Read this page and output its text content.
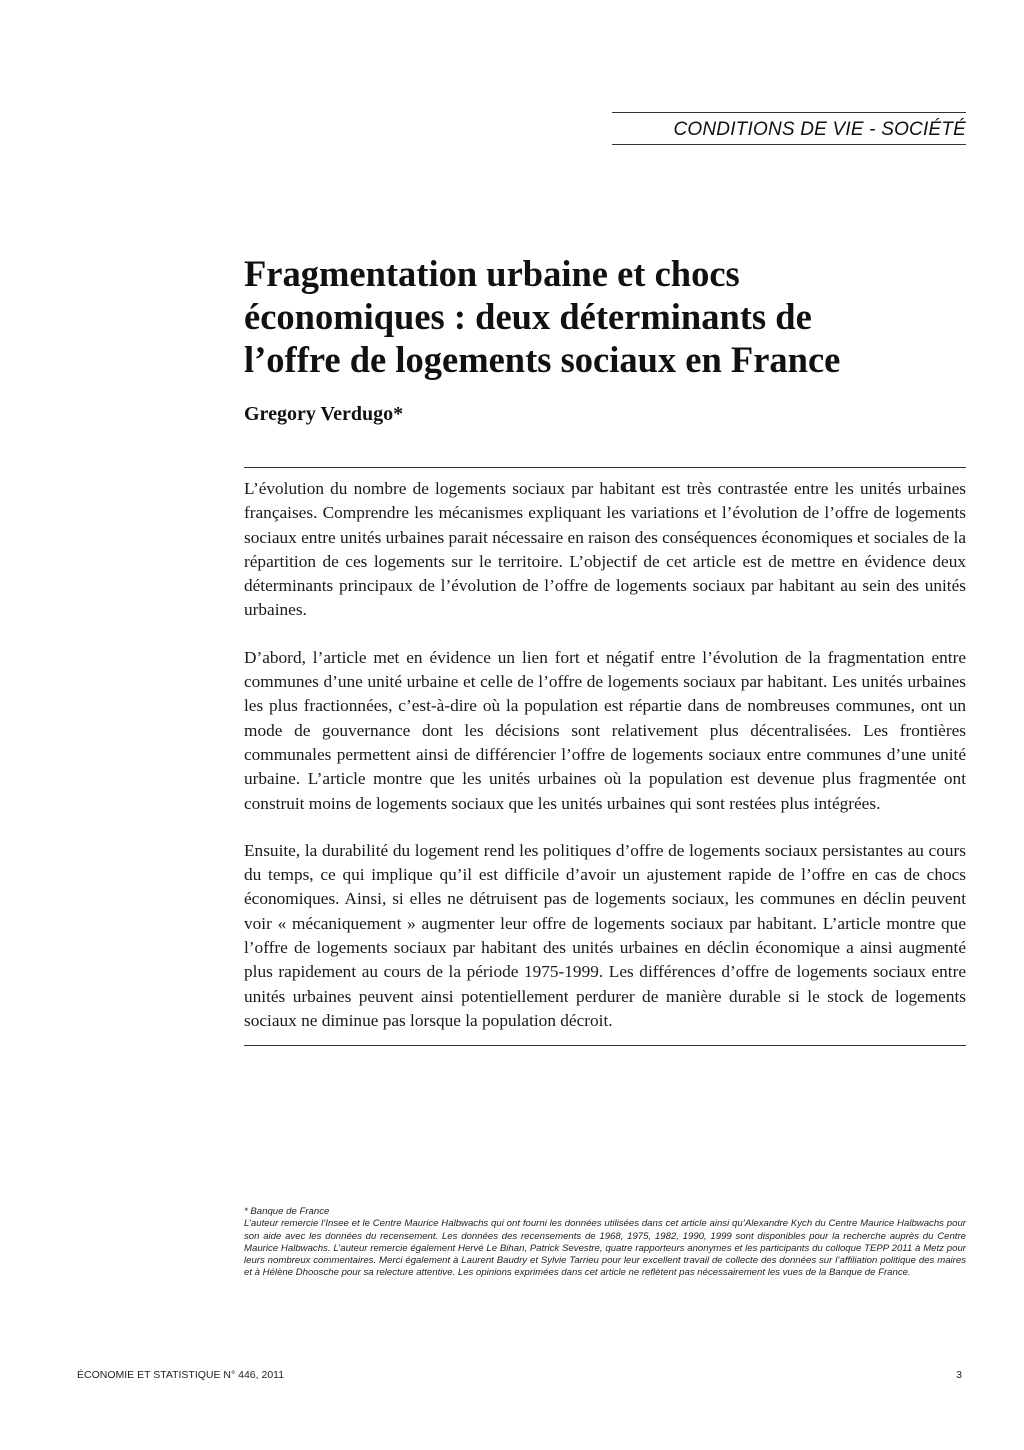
CONDITIONS DE VIE - SOCIÉTÉ
Fragmentation urbaine et chocs
économiques : deux déterminants de
l’offre de logements sociaux en France
Gregory Verdugo*

L’évolution du nombre de logements sociaux par habitant est très contrastée entre les unités urbaines françaises. Comprendre les mécanismes expliquant les variations et l’évolution de l’offre de logements sociaux entre unités urbaines parait nécessaire en raison des conséquences économiques et sociales de la répartition de ces logements sur le territoire. L’objectif de cet article est de mettre en évidence deux déterminants principaux de l’évolution de l’offre de logements sociaux par habitant au sein des unités urbaines.

D’abord, l’article met en évidence un lien fort et négatif entre l’évolution de la fragmentation entre communes d’une unité urbaine et celle de l’offre de logements sociaux par habitant. Les unités urbaines les plus fractionnées, c’est-à-dire où la population est répartie dans de nombreuses communes, ont un mode de gouvernance dont les décisions sont relativement plus décentralisées. Les frontières communales permettent ainsi de différencier l’offre de logements sociaux entre communes d’une unité urbaine. L’article montre que les unités urbaines où la population est devenue plus fragmentée ont construit moins de logements sociaux que les unités urbaines qui sont restées plus intégrées.

Ensuite, la durabilité du logement rend les politiques d’offre de logements sociaux persistantes au cours du temps, ce qui implique qu’il est difficile d’avoir un ajustement rapide de l’offre en cas de chocs économiques. Ainsi, si elles ne détruisent pas de logements sociaux, les communes en déclin peuvent voir « mécaniquement » augmenter leur offre de logements sociaux par habitant. L’article montre que l’offre de logements sociaux par habitant des unités urbaines en déclin économique a ainsi augmenté plus rapidement au cours de la période 1975-1999. Les différences d’offre de logements sociaux entre unités urbaines peuvent ainsi potentiellement perdurer de manière durable si le stock de logements sociaux ne diminue pas lorsque la population décroit.

* Banque de France

L’auteur remercie l’Insee et le Centre Maurice Halbwachs qui ont fourni les données utilisées dans cet article ainsi qu’Alexandre Kych du Centre Maurice Halbwachs pour son aide avec les données du recensement. Les données des recensements de 1968, 1975, 1982, 1990, 1999 sont disponibles pour la recherche auprès du Centre Maurice Halbwachs. L’auteur remercie également Hervé Le Bihan, Patrick Sevestre, quatre rapporteurs anonymes et les participants du colloque TEPP 2011 à Metz pour leurs nombreux commentaires. Merci également à Laurent Baudry et Sylvie Tarrieu pour leur excellent travail de collecte des données sur l’affiliation politique des maires et à Hélène Dhoosche pour sa relecture attentive. Les opinions exprimées dans cet article ne reflètent pas nécessairement les vues de la Banque de France.

ÉCONOMIE ET STATISTIQUE N° 446, 2011	3
